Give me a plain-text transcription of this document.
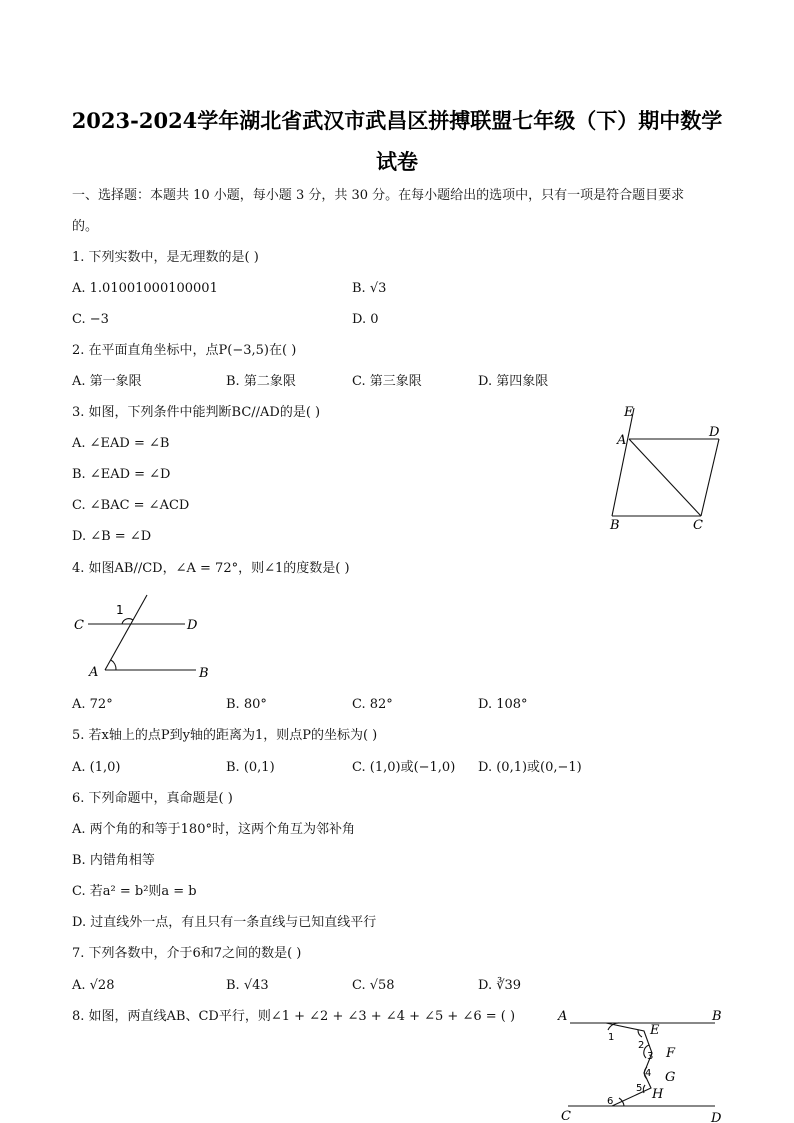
2023-2024学年湖北省武汉市武昌区拼搏联盟七年级（下）期中数学
试卷
一、选择题：本题共 10 小题，每小题 3 分，共 30 分。在每小题给出的选项中，只有一项是符合题目要求
的。
1. 下列实数中，是无理数的是( )
A. 1.01001000100001	B. √3
C. −3	D. 0
2. 在平面直角坐标中，点P(−3,5)在( )
A. 第一象限	B. 第二象限	C. 第三象限	D. 第四象限
3. 如图，下列条件中能判断BC//AD的是( )
A. ∠EAD = ∠B
B. ∠EAD = ∠D
C. ∠BAC = ∠ACD
D. ∠B = ∠D
E
A
D
B	C
4. 如图AB//CD，∠A = 72°，则∠1的度数是( )
1
C	D
A	B
A. 72°	B. 80°	C. 82°	D. 108°
5. 若x轴上的点P到y轴的距离为1，则点P的坐标为( )
A. (1,0)	B. (0,1)	C. (1,0)或(−1,0) D. (0,1)或(0,−1)
6. 下列命题中，真命题是( )
A. 两个角的和等于180°时，这两个角互为邻补角
B. 内错角相等
C. 若a² = b²则a = b
D. 过直线外一点，有且只有一条直线与已知直线平行
7. 下列各数中，介于6和7之间的数是( )
A. √28	B. √43	C. √58	D. ∛39
8. 如图，两直线AB、CD平行，则∠1 + ∠2 + ∠3 + ∠4 + ∠5 + ∠6 = ( )	A	B
E
F
G
H
C	D
1
2
3
4
5
6
